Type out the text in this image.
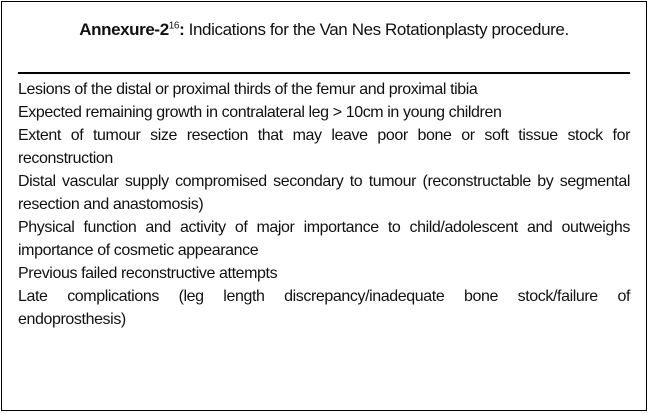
Annexure-$2^{16}$: Indications for the Van Nes Rotationplasty procedure.
Lesions of the distal or proximal thirds of the femur and proximal tibia
Expected remaining growth in contralateral leg > 10cm in young children
Extent of tumour size resection that may leave poor bone or soft tissue stock for reconstruction
Distal vascular supply compromised secondary to tumour (reconstructable by segmental resection and anastomosis)
Physical function and activity of major importance to child/adolescent and outweighs importance of cosmetic appearance
Previous failed reconstructive attempts
Late complications (leg length discrepancy/inadequate bone stock/failure of endoprosthesis)
